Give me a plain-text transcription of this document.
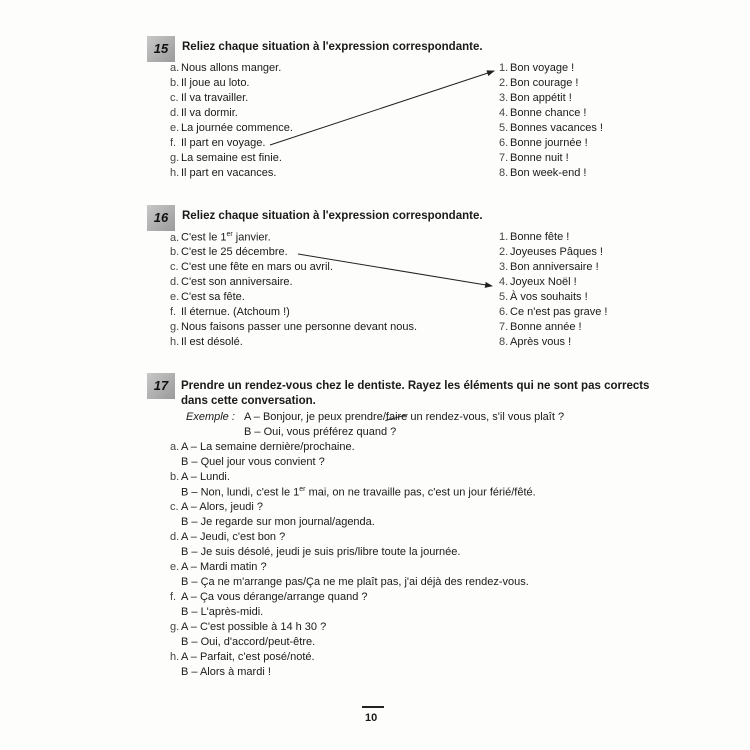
15	Reliez chaque situation à l'expression correspondante.
a. Nous allons manger.
b. Il joue au loto.
c. Il va travailler.
d. Il va dormir.
e. La journée commence.
f. Il part en voyage.
g. La semaine est finie.
h. Il part en vacances.
1. Bon voyage !
2. Bon courage !
3. Bon appétit !
4. Bonne chance !
5. Bonnes vacances !
6. Bonne journée !
7. Bonne nuit !
8. Bon week-end !
16	Reliez chaque situation à l'expression correspondante.
a. C'est le 1er janvier.
b. C'est le 25 décembre.
c. C'est une fête en mars ou avril.
d. C'est son anniversaire.
e. C'est sa fête.
f. Il éternue. (Atchoum !)
g. Nous faisons passer une personne devant nous.
h. Il est désolé.
1. Bonne fête !
2. Joyeuses Pâques !
3. Bon anniversaire !
4. Joyeux Noël !
5. À vos souhaits !
6. Ce n'est pas grave !
7. Bonne année !
8. Après vous !
17	Prendre un rendez-vous chez le dentiste. Rayez les éléments qui ne sont pas corrects
dans cette conversation.
Exemple : A – Bonjour, je peux prendre/faire un rendez-vous, s'il vous plaît ?
B – Oui, vous préférez quand ?
a. A – La semaine dernière/prochaine.
B – Quel jour vous convient ?
b. A – Lundi.
B – Non, lundi, c'est le 1er mai, on ne travaille pas, c'est un jour férié/fêté.
c. A – Alors, jeudi ?
B – Je regarde sur mon journal/agenda.
d. A – Jeudi, c'est bon ?
B – Je suis désolé, jeudi je suis pris/libre toute la journée.
e. A – Mardi matin ?
B – Ça ne m'arrange pas/Ça ne me plaît pas, j'ai déjà des rendez-vous.
f. A – Ça vous dérange/arrange quand ?
B – L'après-midi.
g. A – C'est possible à 14 h 30 ?
B – Oui, d'accord/peut-être.
h. A – Parfait, c'est posé/noté.
B – Alors à mardi !
10
